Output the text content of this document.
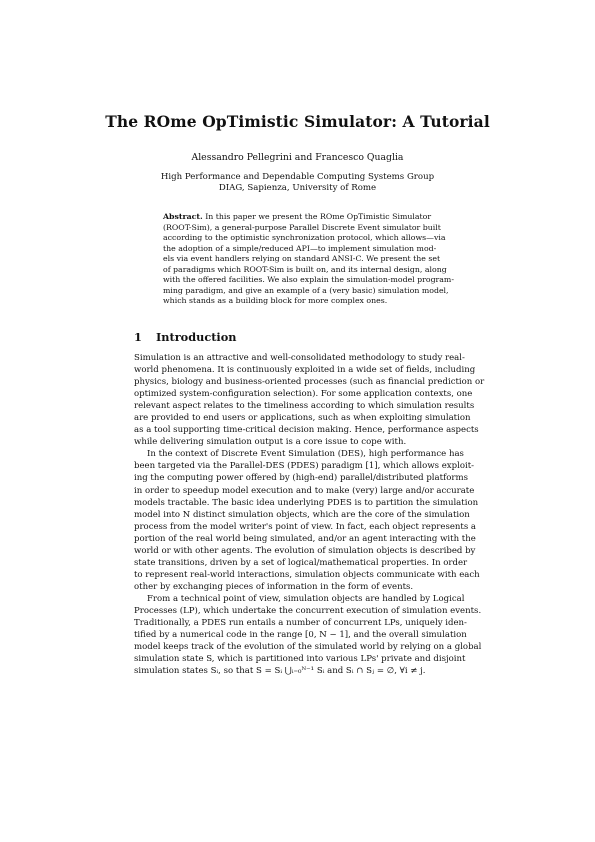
The ROme OpTimistic Simulator: A Tutorial
Alessandro Pellegrini and Francesco Quaglia
High Performance and Dependable Computing Systems Group
DIAG, Sapienza, University of Rome
Abstract. In this paper we present the ROme OpTimistic Simulator
(ROOT-Sim), a general-purpose Parallel Discrete Event simulator built
according to the optimistic synchronization protocol, which allows—via
the adoption of a simple/reduced API—to implement simulation mod-
els via event handlers relying on standard ANSI-C. We present the set
of paradigms which ROOT-Sim is built on, and its internal design, along
with the offered facilities. We also explain the simulation-model program-
ming paradigm, and give an example of a (very basic) simulation model,
which stands as a building block for more complex ones.
1 Introduction
Simulation is an attractive and well-consolidated methodology to study real-
world phenomena. It is continuously exploited in a wide set of fields, including
physics, biology and business-oriented processes (such as financial prediction or
optimized system-configuration selection). For some application contexts, one
relevant aspect relates to the timeliness according to which simulation results
are provided to end users or applications, such as when exploiting simulation
as a tool supporting time-critical decision making. Hence, performance aspects
while delivering simulation output is a core issue to cope with.
In the context of Discrete Event Simulation (DES), high performance has
been targeted via the Parallel-DES (PDES) paradigm [1], which allows exploit-
ing the computing power offered by (high-end) parallel/distributed platforms
in order to speedup model execution and to make (very) large and/or accurate
models tractable. The basic idea underlying PDES is to partition the simulation
model into N distinct simulation objects, which are the core of the simulation
process from the model writer's point of view. In fact, each object represents a
portion of the real world being simulated, and/or an agent interacting with the
world or with other agents. The evolution of simulation objects is described by
state transitions, driven by a set of logical/mathematical properties. In order
to represent real-world interactions, simulation objects communicate with each
other by exchanging pieces of information in the form of events.
From a technical point of view, simulation objects are handled by Logical
Processes (LP), which undertake the concurrent execution of simulation events.
Traditionally, a PDES run entails a number of concurrent LPs, uniquely iden-
tified by a numerical code in the range [0, N − 1], and the overall simulation
model keeps track of the evolution of the simulated world by relying on a global
simulation state S, which is partitioned into various LPs' private and disjoint
simulation states Sᵢ, so that S = Sᵢ ⋃ᵢ₌₀ᴺ⁻¹ Sᵢ and Sᵢ ∩ Sⱼ = ∅, ∀i ≠ j.
